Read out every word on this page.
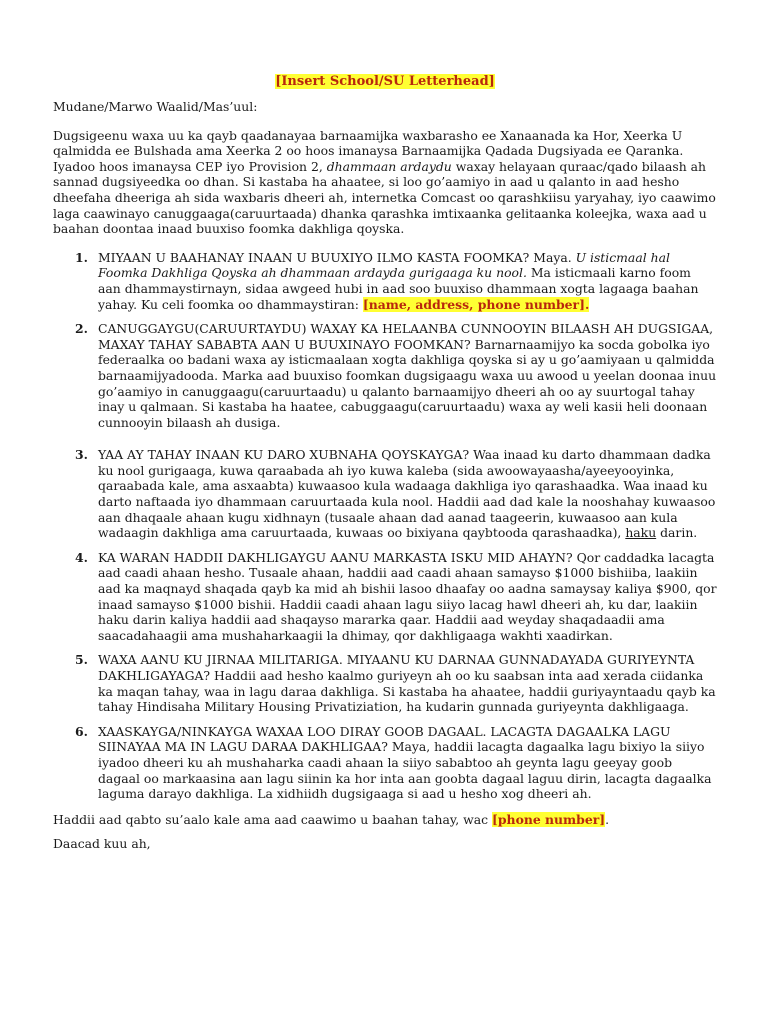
[Insert School/SU Letterhead]

Mudane/Marwo Waalid/Mas’uul:

Dugsigeenu waxa uu ka qayb qaadanayaa barnaamijka waxbarasho ee Xanaanada ka Hor, Xeerka U qalmidda ee Bulshada ama Xeerka 2 oo hoos imanaysa Barnaamijka Qadada Dugsiyada ee Qaranka. Iyadoo hoos imanaysa CEP iyo Provision 2, dhammaan ardaydu waxay helayaan quraac/qado bilaash ah sannad dugsiyeedka oo dhan. Si kastaba ha ahaatee, si loo go’aamiyo in aad u qalanto in aad hesho dheefaha dheeriga ah sida waxbaris dheeri ah, internetka Comcast oo qarashkiisu yaryahay, iyo caawimo laga caawinayo canuggaaga(caruurtaada) dhanka qarashka imtixaanka gelitaanka koleejka, waxa aad u baahan doontaa inaad buuxiso foomka dakhliga qoyska.

1. MIYAAN U BAAHANAY INAAN U BUUXIYO ILMO KASTA FOOMKA? Maya. U isticmaal hal Foomka Dakhliga Qoyska ah dhammaan ardayda gurigaaga ku nool. Ma isticmaali karno foom aan dhammaystirnayn, sidaa awgeed hubi in aad soo buuxiso dhammaan xogta lagaaga baahan yahay. Ku celi foomka oo dhammaystiran: [name, address, phone number].
2. CANUGGAYGU(CARUURTAYDU) WAXAY KA HELAANBA CUNNOOYIN BILAASH AH DUGSIGAA, MAXAY TAHAY SABABTA AAN U BUUXINAYO FOOMKAN? Barnarnaamijyo ka socda gobolka iyo federaalka oo badani waxa ay isticmaalaan xogta dakhliga qoyska si ay u go’aamiyaan u qalmidda barnaamijyadooda. Marka aad buuxiso foomkan dugsigaagu waxa uu awood u yeelan doonaa inuu go’aamiyo in canuggaagu(caruurtaadu) u qalanto barnaamijyo dheeri ah oo ay suurtogal tahay inay u qalmaan. Si kastaba ha haatee, cabuggaagu(caruurtaadu) waxa ay weli kasii heli doonaan cunnooyin bilaash ah dusiga.
3. YAA AY TAHAY INAAN KU DARO XUBNAHA QOYSKAYGA? Waa inaad ku darto dhammaan dadka ku nool gurigaaga, kuwa qaraabada ah iyo kuwa kaleba (sida awoowayaasha/ayeeyooyinka, qaraabada kale, ama asxaabta) kuwaasoo kula wadaaga dakhliga iyo qarashaadka. Waa inaad ku darto naftaada iyo dhammaan caruurtaada kula nool. Haddii aad dad kale la nooshahay kuwaasoo aan dhaqaale ahaan kugu xidhnayn (tusaale ahaan dad aanad taageerin, kuwaasoo aan kula wadaagin dakhliga ama caruurtaada, kuwaas oo bixiyana qaybtooda qarashaadka), haku darin.
4. KA WARAN HADDII DAKHLIGAYGU AANU MARKASTA ISKU MID AHAYN? Qor caddadka lacagta aad caadi ahaan hesho. Tusaale ahaan, haddii aad caadi ahaan samayso $1000 bishiiba, laakiin aad ka maqnayd shaqada qayb ka mid ah bishii lasoo dhaafay oo aadna samaysay kaliya $900, qor inaad samayso $1000 bishii. Haddii caadi ahaan lagu siiyo lacag hawl dheeri ah, ku dar, laakiin haku darin kaliya haddii aad shaqayso mararka qaar. Haddii aad weyday shaqadaadii ama saacadahaagii ama mushaharkaagii la dhimay, qor dakhligaaga wakhti xaadirkan.
5. WAXA AANU KU JIRNAA MILITARIGA. MIYAANU KU DARNAA GUNNADAYADA GURIYEYNTA DAKHLIGAYAGA? Haddii aad hesho kaalmo guriyeyn ah oo ku saabsan inta aad xerada ciidanka ka maqan tahay, waa in lagu daraa dakhliga. Si kastaba ha ahaatee, haddii guriyayntaadu qayb ka tahay Hindisaha Military Housing Privatiziation, ha kudarin gunnada guriyeynta dakhligaaga.
6. XAASKAYGA/NINKAYGA WAXAA LOO DIRAY GOOB DAGAAL. LACAGTA DAGAALKA LAGU SIINAYAA MA IN LAGU DARAA DAKHLIGAA? Maya, haddii lacagta dagaalka lagu bixiyo la siiyo iyadoo dheeri ku ah mushaharka caadi ahaan la siiyo sababtoo ah geynta lagu geeyay goob dagaal oo markaasina aan lagu siinin ka hor inta aan goobta dagaal laguu dirin, lacagta dagaalka laguma darayo dakhliga. La xidhiidh dugsigaaga si aad u hesho xog dheeri ah.

Haddii aad qabto su’aalo kale ama aad caawimo u baahan tahay, wac [phone number].

Daacad kuu ah,
